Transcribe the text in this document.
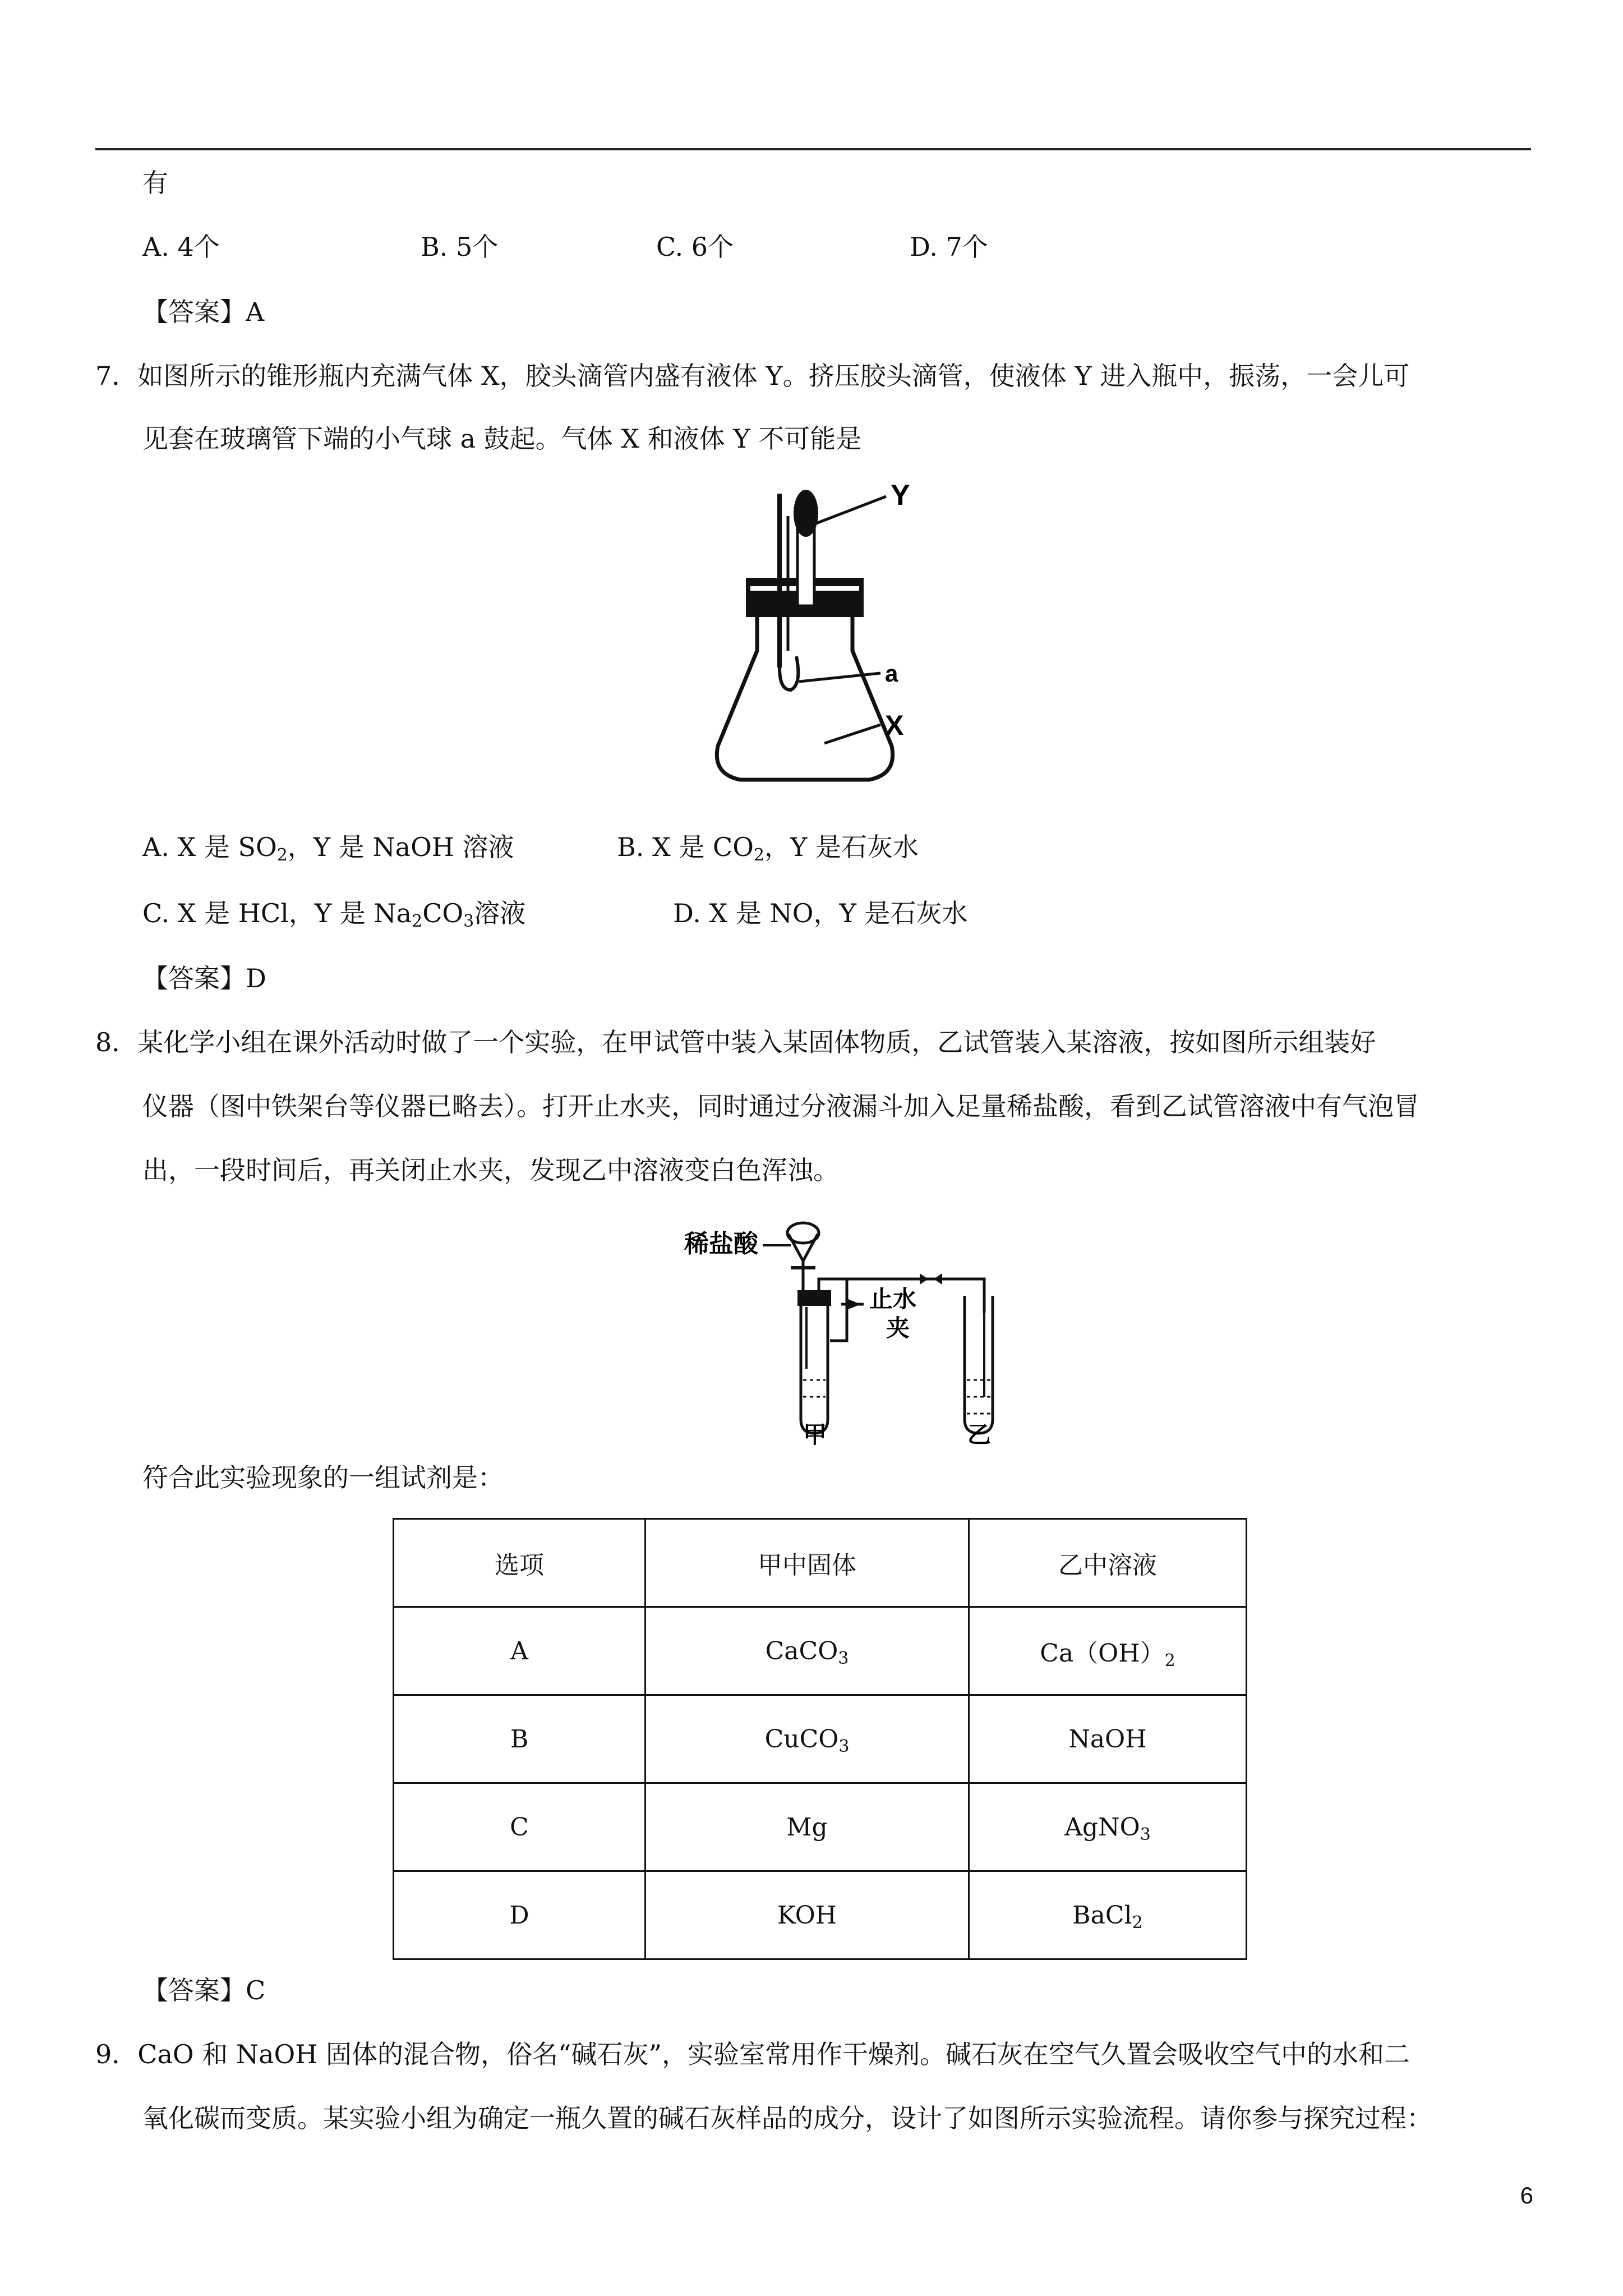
有
A. 4个	B. 5个	C. 6个	D. 7个
【答案】A
7．如图所示的锥形瓶内充满气体 X，胶头滴管内盛有液体 Y。挤压胶头滴管，使液体 Y 进入瓶中，振荡，一会儿可
见套在玻璃管下端的小气球 a 鼓起。气体 X 和液体 Y 不可能是
Y
a
X
A. X 是 $SO_2$，Y 是 NaOH 溶液	B. X 是 $CO_2$，Y 是石灰水
C. X 是 HCl，Y 是 $Na_2CO_3$溶液	D. X 是 NO，Y 是石灰水
【答案】D
8．某化学小组在课外活动时做了一个实验，在甲试管中装入某固体物质，乙试管装入某溶液，按如图所示组装好
仪器（图中铁架台等仪器已略去）。打开止水夹，同时通过分液漏斗加入足量稀盐酸，看到乙试管溶液中有气泡冒
出，一段时间后，再关闭止水夹，发现乙中溶液变白色浑浊。
稀盐酸
止水
夹
甲	乙
符合此实验现象的一组试剂是：
选项	甲中固体	乙中溶液
A	CaCO$_3$	$Ca(OH)_2$
B	CuCO$_3$	NaOH
C	Mg	AgNO$_3$
D	KOH	BaCl$_2$
【答案】C
9．CaO 和 NaOH 固体的混合物，俗名“碱石灰”，实验室常用作干燥剂。碱石灰在空气久置会吸收空气中的水和二
氧化碳而变质。某实验小组为确定一瓶久置的碱石灰样品的成分，设计了如图所示实验流程。请你参与探究过程：
6
